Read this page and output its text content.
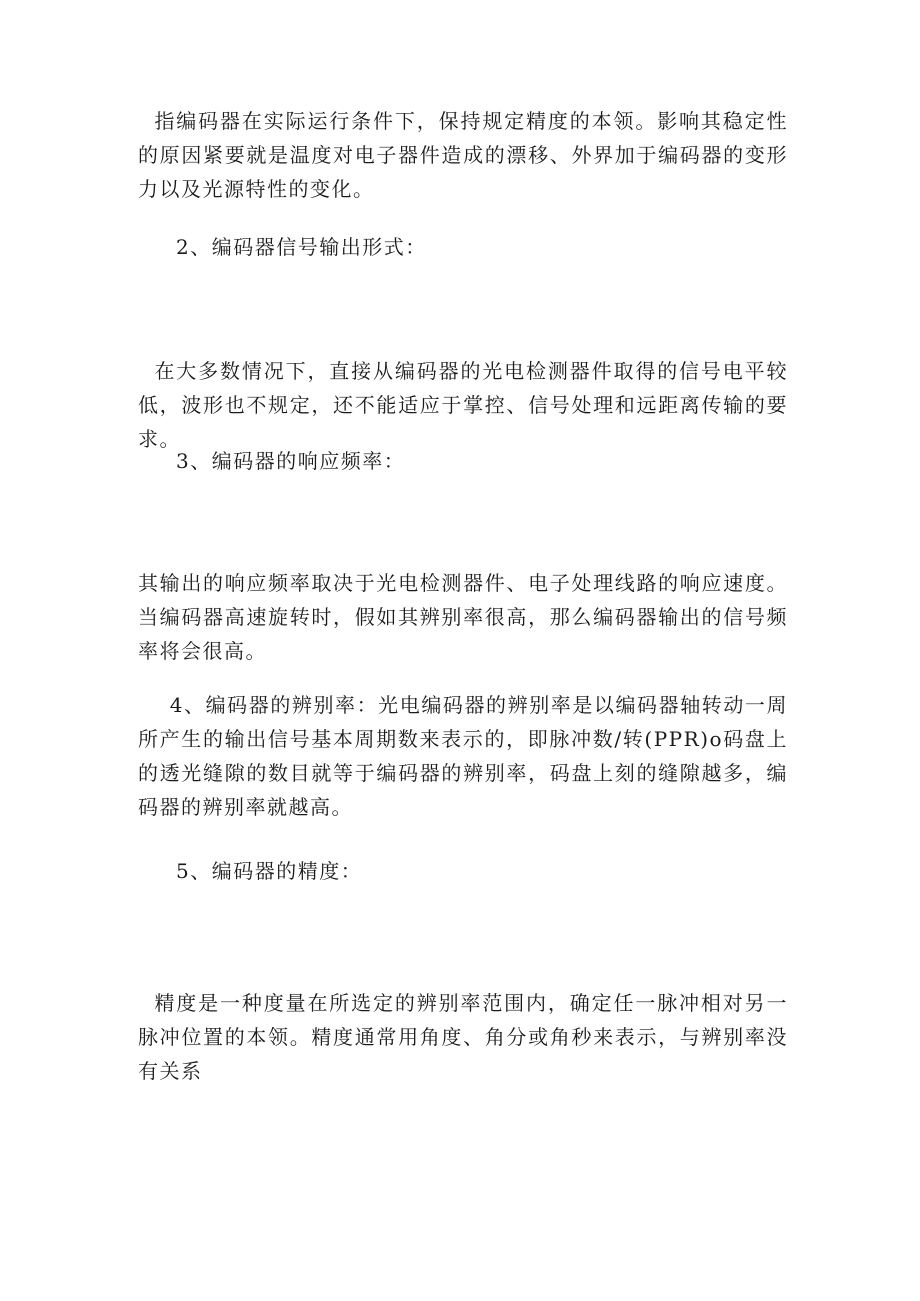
指编码器在实际运行条件下，保持规定精度的本领。影响其稳定性的原因紧要就是温度对电子器件造成的漂移、外界加于编码器的变形力以及光源特性的变化。

2、编码器信号输出形式：

在大多数情况下，直接从编码器的光电检测器件取得的信号电平较低，波形也不规定，还不能适应于掌控、信号处理和远距离传输的要求。

3、编码器的响应频率：

其输出的响应频率取决于光电检测器件、电子处理线路的响应速度。当编码器高速旋转时，假如其辨别率很高，那么编码器输出的信号频率将会很高。

4、编码器的辨别率：光电编码器的辨别率是以编码器轴转动一周所产生的输出信号基本周期数来表示的，即脉冲数/转(PPR)o码盘上的透光缝隙的数目就等于编码器的辨别率，码盘上刻的缝隙越多，编码器的辨别率就越高。

5、编码器的精度：

精度是一种度量在所选定的辨别率范围内，确定任一脉冲相对另一脉冲位置的本领。精度通常用角度、角分或角秒来表示，与辨别率没有关系
